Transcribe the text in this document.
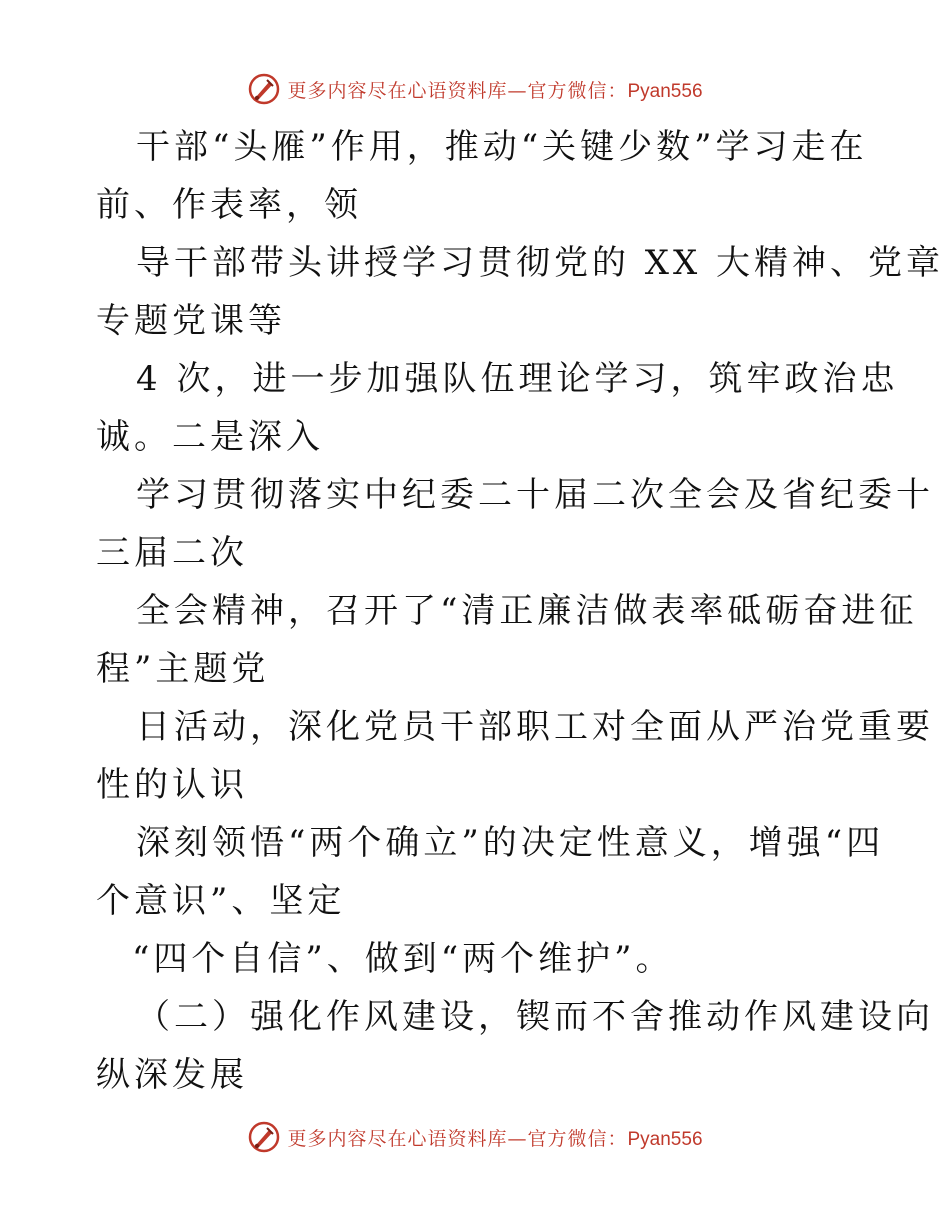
更多内容尽在心语资料库—官方微信：Pyan556
干部“头雁”作用，推动“关键少数”学习走在
前、作表率，领
导干部带头讲授学习贯彻党的 XX 大精神、党章
专题党课等
4 次，进一步加强队伍理论学习，筑牢政治忠
诚。二是深入
学习贯彻落实中纪委二十届二次全会及省纪委十
三届二次
全会精神，召开了“清正廉洁做表率砥砺奋进征
程”主题党
日活动，深化党员干部职工对全面从严治党重要
性的认识
深刻领悟“两个确立”的决定性意义，增强“四
个意识”、坚定
“四个自信”、做到“两个维护”。
（二）强化作风建设，锲而不舍推动作风建设向
纵深发展
更多内容尽在心语资料库—官方微信：Pyan556
